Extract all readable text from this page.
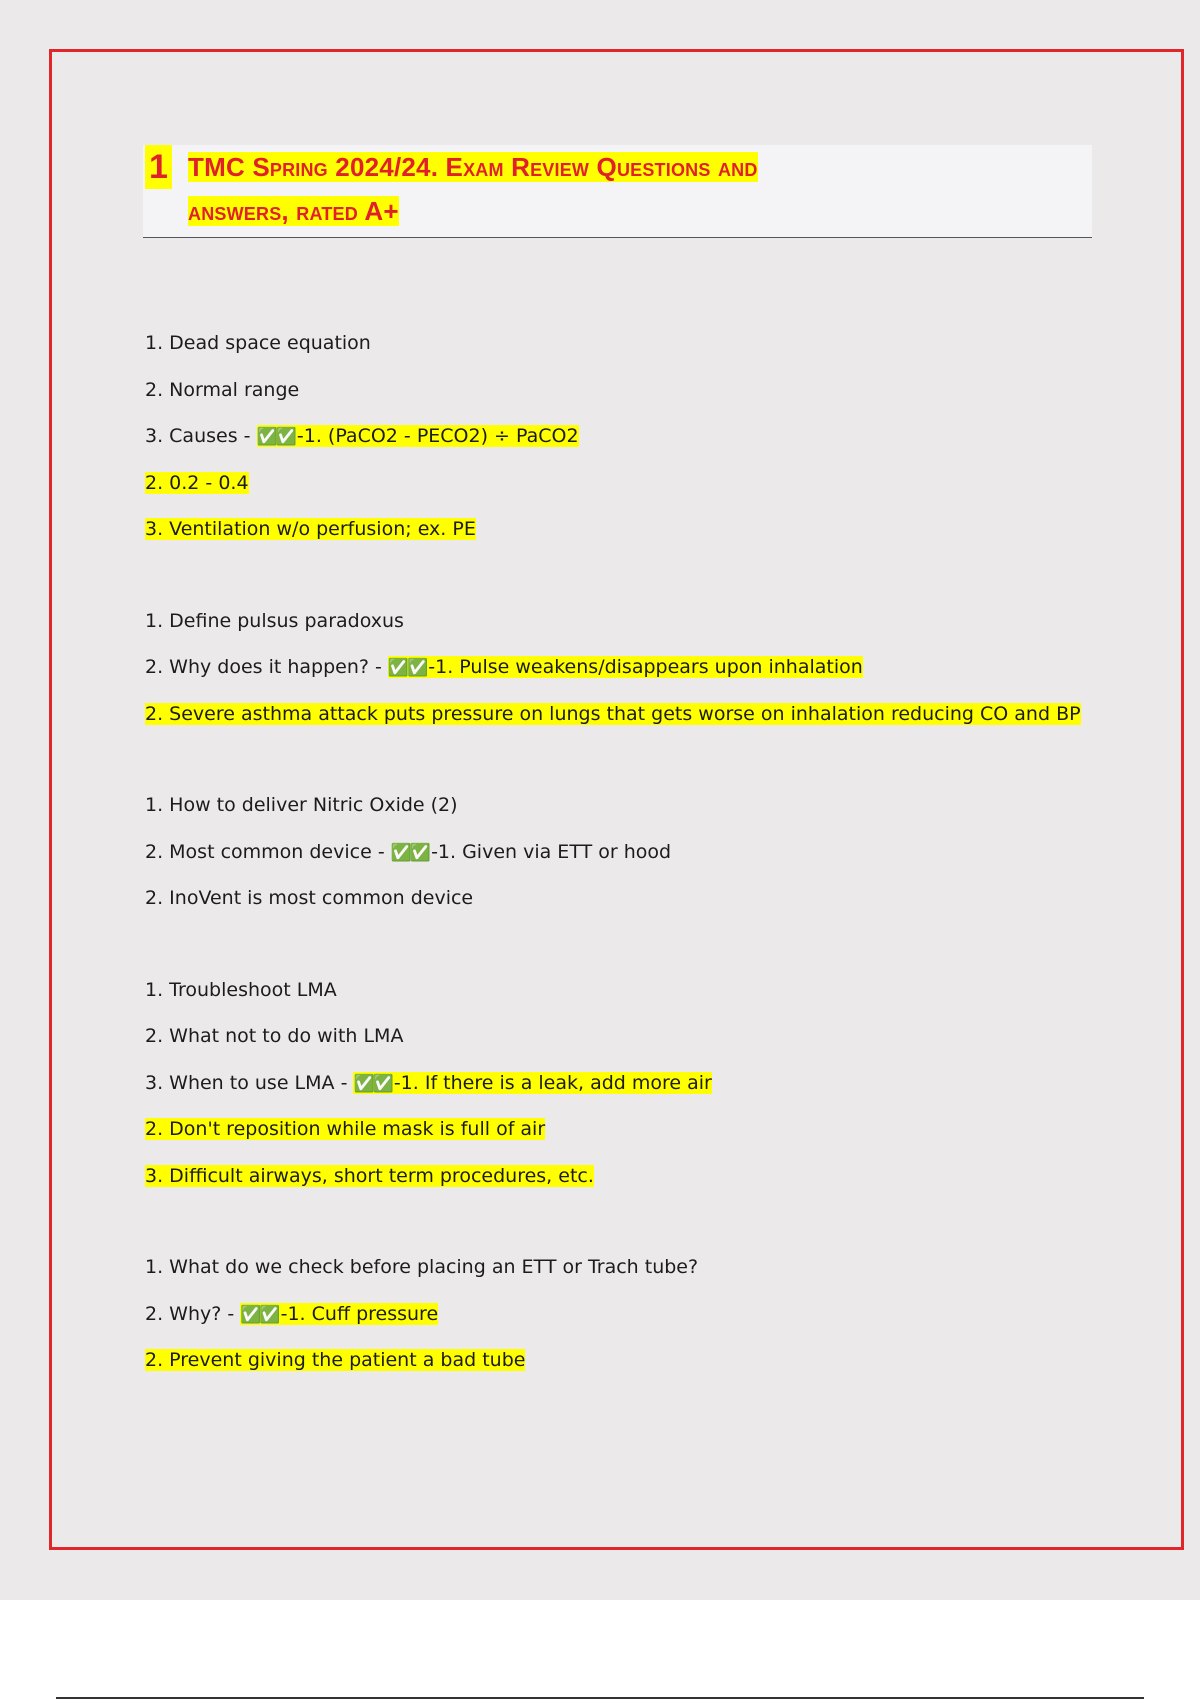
1 TMC Spring 2024/24. Exam Review Questions and
answers, rated A+
1. Dead space equation
2. Normal range
3. Causes - ✅✅ -1. (PaCO2 - PECO2) ÷ PaCO2
2. 0.2 - 0.4
3. Ventilation w/o perfusion; ex. PE
1. Define pulsus paradoxus
2. Why does it happen? - ✅✅ -1. Pulse weakens/disappears upon inhalation
2. Severe asthma attack puts pressure on lungs that gets worse on inhalation reducing CO and BP
1. How to deliver Nitric Oxide (2)
2. Most common device - ✅✅ -1. Given via ETT or hood
2. InoVent is most common device
1. Troubleshoot LMA
2. What not to do with LMA
3. When to use LMA - ✅✅ -1. If there is a leak, add more air
2. Don't reposition while mask is full of air
3. Difficult airways, short term procedures, etc.
1. What do we check before placing an ETT or Trach tube?
2. Why? - ✅✅ -1. Cuff pressure
2. Prevent giving the patient a bad tube
